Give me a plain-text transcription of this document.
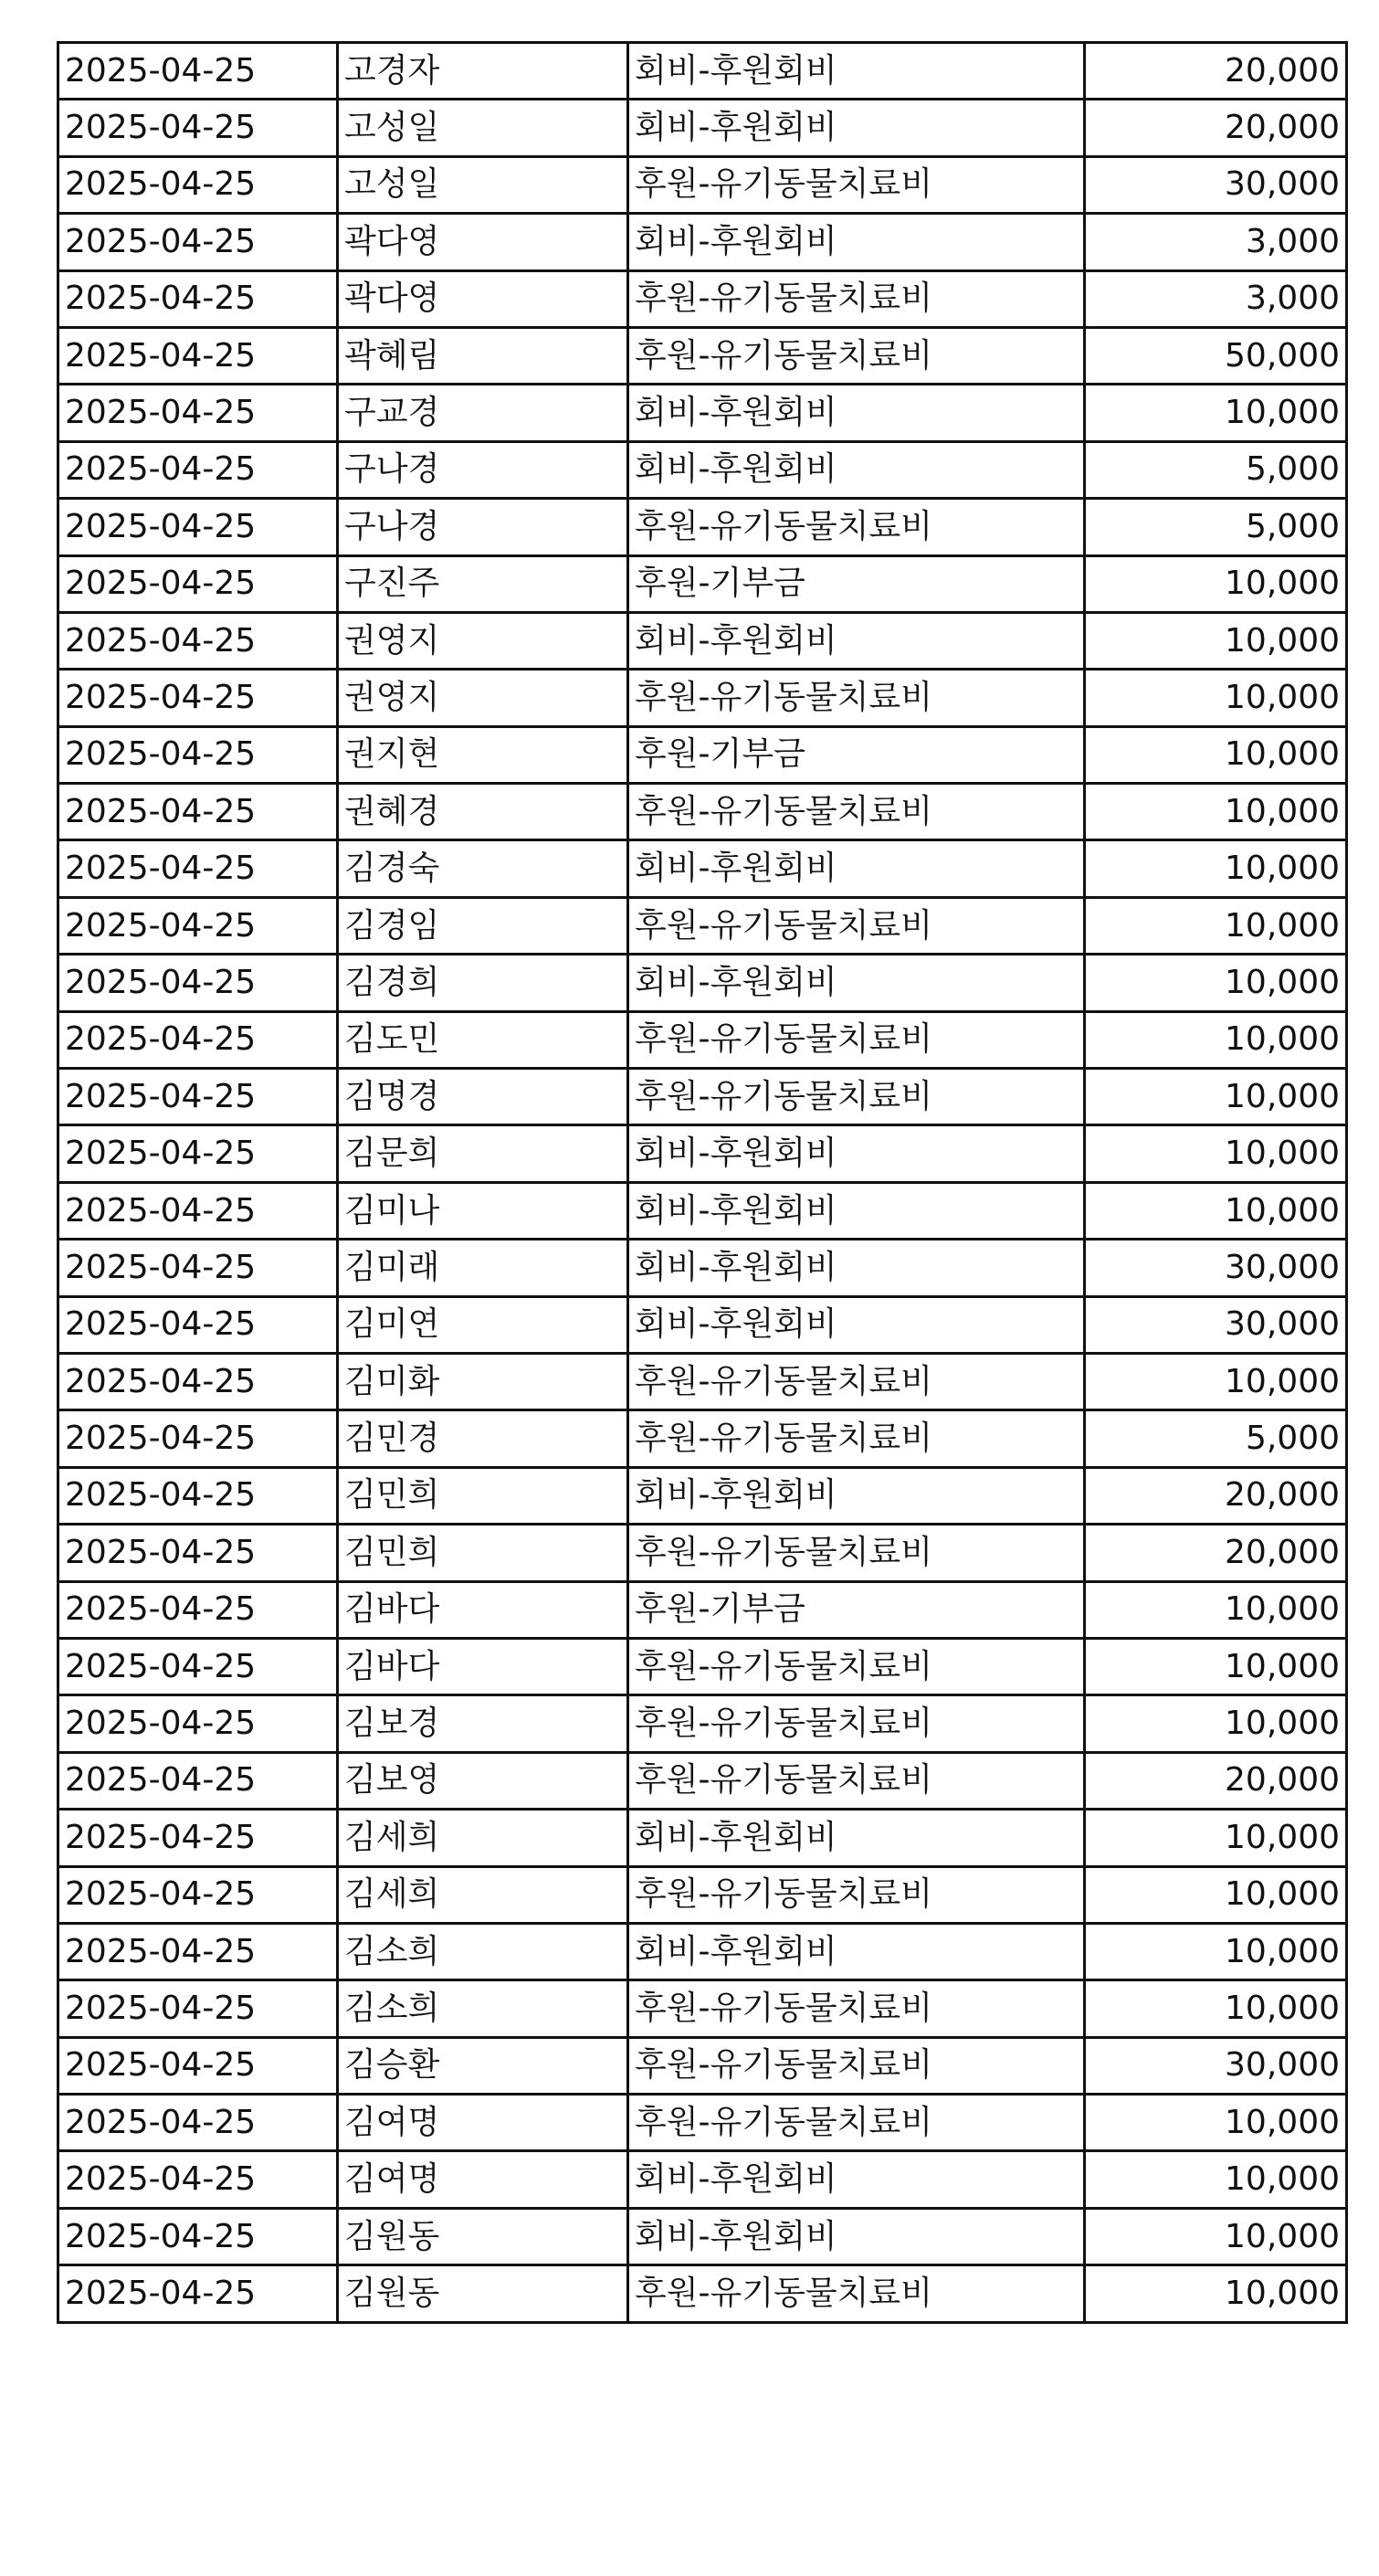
2025-04-25	고경자	회비-후원회비	20,000
2025-04-25	고성일	회비-후원회비	20,000
2025-04-25	고성일	후원-유기동물치료비	30,000
2025-04-25	곽다영	회비-후원회비	3,000
2025-04-25	곽다영	후원-유기동물치료비	3,000
2025-04-25	곽혜림	후원-유기동물치료비	50,000
2025-04-25	구교경	회비-후원회비	10,000
2025-04-25	구나경	회비-후원회비	5,000
2025-04-25	구나경	후원-유기동물치료비	5,000
2025-04-25	구진주	후원-기부금	10,000
2025-04-25	권영지	회비-후원회비	10,000
2025-04-25	권영지	후원-유기동물치료비	10,000
2025-04-25	권지현	후원-기부금	10,000
2025-04-25	권혜경	후원-유기동물치료비	10,000
2025-04-25	김경숙	회비-후원회비	10,000
2025-04-25	김경임	후원-유기동물치료비	10,000
2025-04-25	김경희	회비-후원회비	10,000
2025-04-25	김도민	후원-유기동물치료비	10,000
2025-04-25	김명경	후원-유기동물치료비	10,000
2025-04-25	김문희	회비-후원회비	10,000
2025-04-25	김미나	회비-후원회비	10,000
2025-04-25	김미래	회비-후원회비	30,000
2025-04-25	김미연	회비-후원회비	30,000
2025-04-25	김미화	후원-유기동물치료비	10,000
2025-04-25	김민경	후원-유기동물치료비	5,000
2025-04-25	김민희	회비-후원회비	20,000
2025-04-25	김민희	후원-유기동물치료비	20,000
2025-04-25	김바다	후원-기부금	10,000
2025-04-25	김바다	후원-유기동물치료비	10,000
2025-04-25	김보경	후원-유기동물치료비	10,000
2025-04-25	김보영	후원-유기동물치료비	20,000
2025-04-25	김세희	회비-후원회비	10,000
2025-04-25	김세희	후원-유기동물치료비	10,000
2025-04-25	김소희	회비-후원회비	10,000
2025-04-25	김소희	후원-유기동물치료비	10,000
2025-04-25	김승환	후원-유기동물치료비	30,000
2025-04-25	김여명	후원-유기동물치료비	10,000
2025-04-25	김여명	회비-후원회비	10,000
2025-04-25	김원동	회비-후원회비	10,000
2025-04-25	김원동	후원-유기동물치료비	10,000
